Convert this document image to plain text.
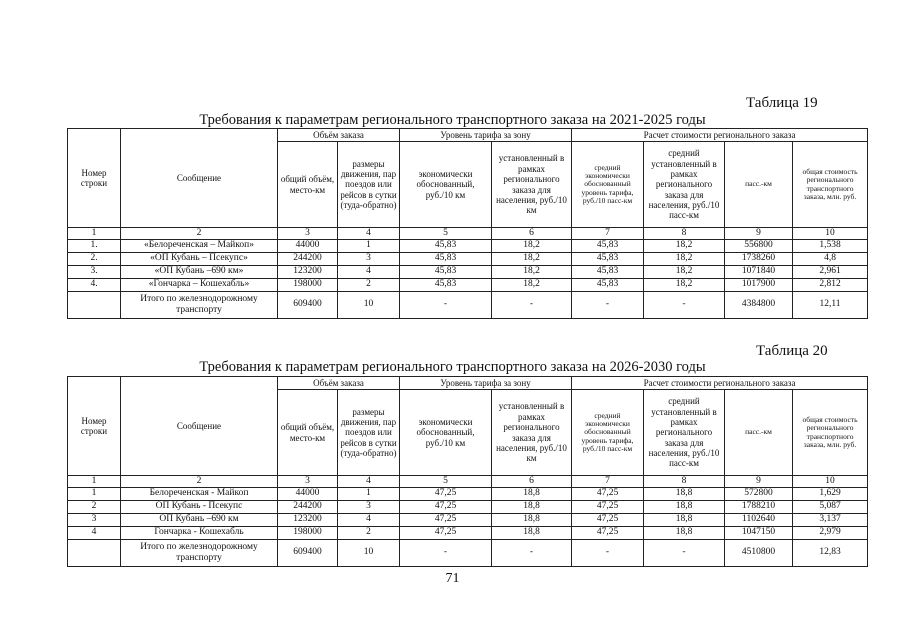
Таблица 19
Требования к параметрам регионального транспортного заказа на 2021-2025 годы
Номер строки	Сообщение	Объём заказа		Уровень тарифа за зону		Расчет стоимости регионального заказа			
		общий объём, место-км	размеры движения, пар поездов или рейсов в сутки (туда-обратно)	экономически обоснованный, руб./10 км	установленный в рамках регионального заказа для населения, руб./10 км	средний экономически обоснованный уровень тарифа, руб./10 пасс-км	средний установленный в рамках регионального заказа для населения, руб./10 пасс-км	пасс.-км	общая стоимость регионального транспортного заказа, млн. руб.
1	2	3	4	5	6	7	8	9	10
1.	«Белореченская – Майкоп»	44000	1	45,83	18,2	45,83	18,2	556800	1,538
2.	«ОП Кубань – Псекупс»	244200	3	45,83	18,2	45,83	18,2	1738260	4,8
3.	«ОП Кубань –690 км»	123200	4	45,83	18,2	45,83	18,2	1071840	2,961
4.	«Гончарка – Кошехабль»	198000	2	45,83	18,2	45,83	18,2	1017900	2,812
	Итого по железнодорожному транспорту	609400	10	-	-	-	-	4384800	12,11
Таблица 20
Требования к параметрам регионального транспортного заказа на 2026-2030 годы
Номер строки	Сообщение	Объём заказа		Уровень тарифа за зону		Расчет стоимости регионального заказа			
		общий объём, место-км	размеры движения, пар поездов или рейсов в сутки (туда-обратно)	экономически обоснованный, руб./10 км	установленный в рамках регионального заказа для населения, руб./10 км	средний экономически обоснованный уровень тарифа, руб./10 пасс-км	средний установленный в рамках регионального заказа для населения, руб./10 пасс-км	пасс.-км	общая стоимость регионального транспортного заказа, млн. руб.
1	2	3	4	5	6	7	8	9	10
1	Белореченская - Майкоп	44000	1	47,25	18,8	47,25	18,8	572800	1,629
2	ОП Кубань - Псекупс	244200	3	47,25	18,8	47,25	18,8	1788210	5,087
3	ОП Кубань –690 км	123200	4	47,25	18,8	47,25	18,8	1102640	3,137
4	Гончарка - Кошехабль	198000	2	47,25	18,8	47,25	18,8	1047150	2,979
	Итого по железнодорожному транспорту	609400	10	-	-	-	-	4510800	12,83
71
